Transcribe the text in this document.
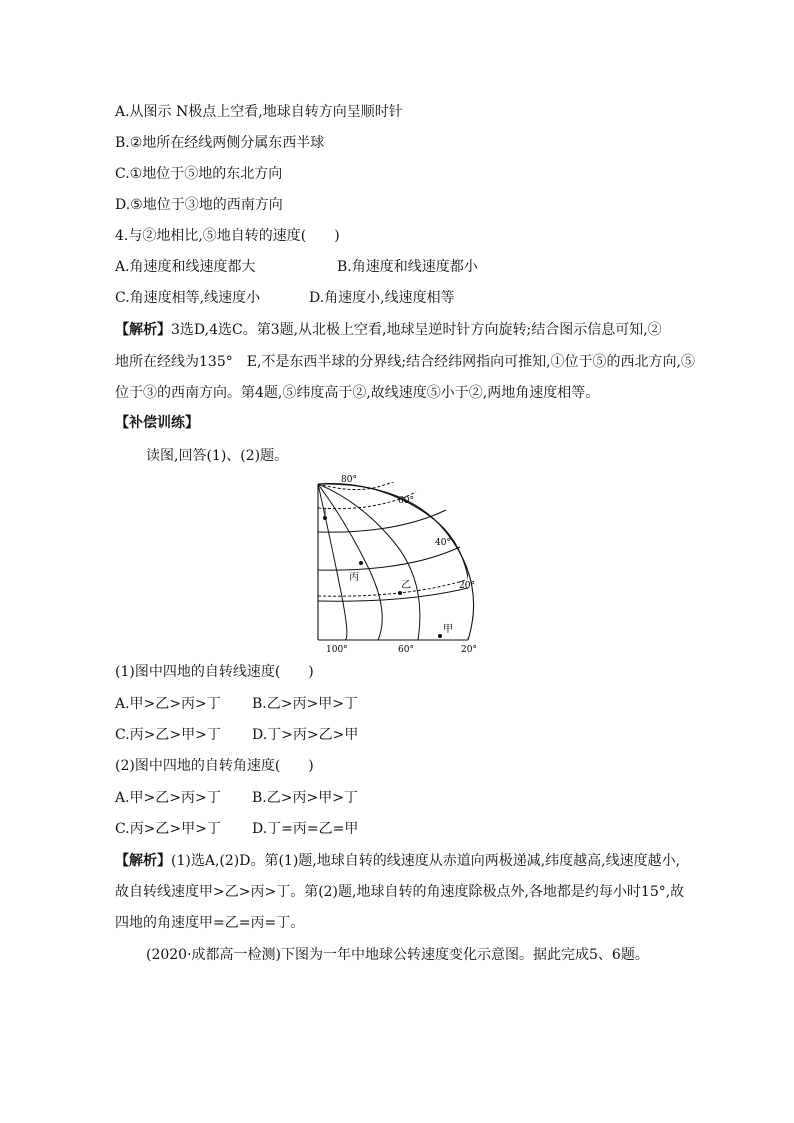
A.从图示 N极点上空看,地球自转方向呈顺时针
B.②地所在经线两侧分属东西半球
C.①地位于⑤地的东北方向
D.⑤地位于③地的西南方向
4.与②地相比,⑤地自转的速度(　　)
A.角速度和线速度都大	B.角速度和线速度都小
C.角速度相等,线速度小	D.角速度小,线速度相等
【解析】3选D,4选C。第3题,从北极上空看,地球呈逆时针方向旋转;结合图示信息可知,②
地所在经线为135°　E,不是东西半球的分界线;结合经纬网指向可推知,①位于⑤的西北方向,⑤
位于③的西南方向。第4题,⑤纬度高于②,故线速度⑤小于②,两地角速度相等。
【补偿训练】
读图,回答(1)、(2)题。
80°
60°
40°
20°
100°	60°	20°
丁
丙
乙
甲
(1)图中四地的自转线速度(　　)
A.甲>乙>丙>丁 B.乙>丙>甲>丁
C.丙>乙>甲>丁 D.丁>丙>乙>甲
(2)图中四地的自转角速度(　　)
A.甲>乙>丙>丁 B.乙>丙>甲>丁
C.丙>乙>甲>丁 D.丁=丙=乙=甲
【解析】(1)选A,(2)D。第(1)题,地球自转的线速度从赤道向两极递减,纬度越高,线速度越小,
故自转线速度甲>乙>丙>丁。第(2)题,地球自转的角速度除极点外,各地都是约每小时15°,故
四地的角速度甲=乙=丙=丁。
(2020·成都高一检测)下图为一年中地球公转速度变化示意图。据此完成5、6题。
